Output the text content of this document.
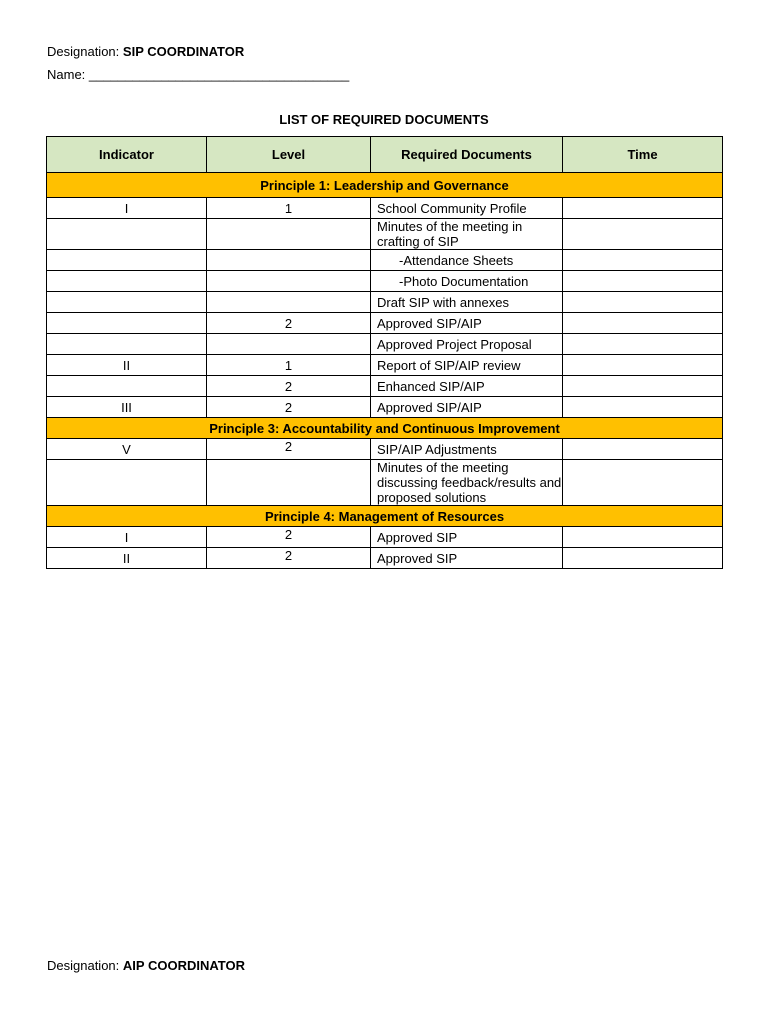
Designation: SIP COORDINATOR
Name: ____________________________________
LIST OF REQUIRED DOCUMENTS
Indicator	Level	Required Documents	Time
Principle 1: Leadership and Governance			
I	1	School Community Profile	
		Minutes of the meeting in crafting of SIP	
		-Attendance Sheets	
		-Photo Documentation	
		Draft SIP with annexes	
	2	Approved SIP/AIP	
		Approved Project Proposal	
II	1	Report of SIP/AIP review	
	2	Enhanced SIP/AIP	
III	2	Approved SIP/AIP	
Principle 3: Accountability and Continuous Improvement			
V	2	SIP/AIP Adjustments	
		Minutes of the meeting discussing feedback/results and proposed solutions	
Principle 4: Management of Resources			
I	2	Approved SIP	
II	2	Approved SIP	
Designation: AIP COORDINATOR
